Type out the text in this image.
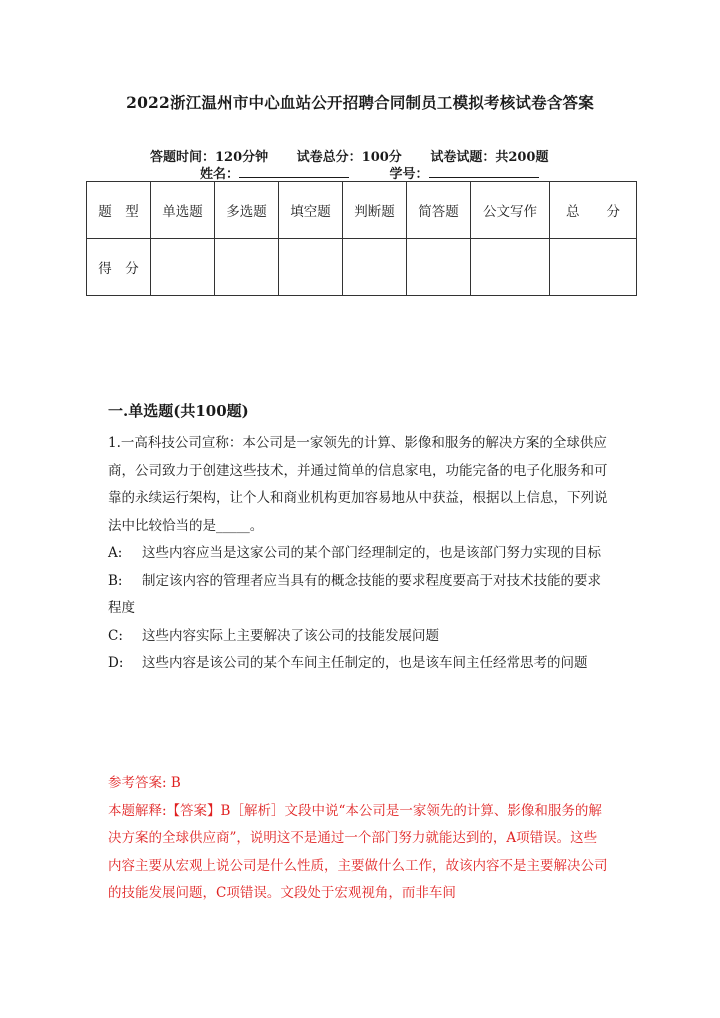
2022浙江温州市中心血站公开招聘合同制员工模拟考核试卷含答案
答题时间：120分钟 试卷总分：100分 试卷试题：共200题
姓名：	学号：
题　型	单选题	多选题	填空题	判断题	简答题	公文写作	总　　分
得　分							
一.单选题(共100题)

1.一高科技公司宣称：本公司是一家领先的计算、影像和服务的解决方案的全球供应商，公司致力于创建这些技术，并通过简单的信息家电，功能完备的电子化服务和可靠的永续运行架构，让个人和商业机构更加容易地从中获益，根据以上信息，下列说法中比较恰当的是_____。

A: 这些内容应当是这家公司的某个部门经理制定的，也是该部门努力实现的目标

B: 制定该内容的管理者应当具有的概念技能的要求程度要高于对技术技能的要求程度

C: 这些内容实际上主要解决了该公司的技能发展问题

D: 这些内容是该公司的某个车间主任制定的，也是该车间主任经常思考的问题

参考答案: B

本题解释:【答案】B［解析］文段中说“本公司是一家领先的计算、影像和服务的解决方案的全球供应商”，说明这不是通过一个部门努力就能达到的，A项错误。这些内容主要从宏观上说公司是什么性质，主要做什么工作，故该内容不是主要解决公司的技能发展问题，C项错误。文段处于宏观视角，而非车间
